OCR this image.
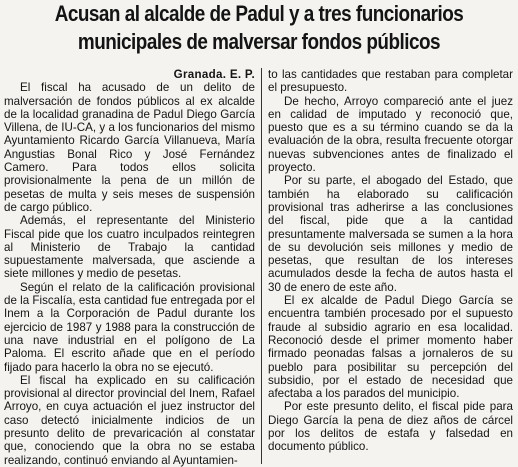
Acusan al alcalde de Padul y a tres funcionarios
municipales de malversar fondos públicos

Granada. E. P.

El fiscal ha acusado de un delito de malversación de fondos públicos al ex alcalde de la localidad granadina de Padul Diego García Villena, de IU-CA, y a los funcionarios del mismo Ayuntamiento Ricardo García Villanueva, María Angustias Bonal Rico y José Fernández Camero. Para todos ellos solicita provisionalmente la pena de un millón de pesetas de multa y seis meses de suspensión de cargo público.

Además, el representante del Ministerio Fiscal pide que los cuatro inculpados reintegren al Ministerio de Trabajo la cantidad supuestamente malversada, que asciende a siete millones y medio de pesetas.

Según el relato de la calificación provisional de la Fiscalía, esta cantidad fue entregada por el Inem a la Corporación de Padul durante los ejercicio de 1987 y 1988 para la construcción de una nave industrial en el polígono de La Paloma. El escrito añade que en el período fijado para hacerlo la obra no se ejecutó.

El fiscal ha explicado en su calificación provisional al director provincial del Inem, Rafael Arroyo, en cuya actuación el juez instructor del caso detectó inicialmente indicios de un presunto delito de prevaricación al constatar que, conociendo que la obra no se estaba realizando, continuó enviando al Ayuntamien-

to las cantidades que restaban para completar el presupuesto.

De hecho, Arroyo compareció ante el juez en calidad de imputado y reconoció que, puesto que es a su término cuando se da la evaluación de la obra, resulta frecuente otorgar nuevas subvenciones antes de finalizado el proyecto.

Por su parte, el abogado del Estado, que también ha elaborado su calificación provisional tras adherirse a las conclusiones del fiscal, pide que a la cantidad presuntamente malversada se sumen a la hora de su devolución seis millones y medio de pesetas, que resultan de los intereses acumulados desde la fecha de autos hasta el 30 de enero de este año.

El ex alcalde de Padul Diego García se encuentra también procesado por el supuesto fraude al subsidio agrario en esa localidad. Reconoció desde el primer momento haber firmado peonadas falsas a jornaleros de su pueblo para posibilitar su percepción del subsidio, por el estado de necesidad que afectaba a los parados del municipio.

Por este presunto delito, el fiscal pide para Diego García la pena de diez años de cárcel por los delitos de estafa y falsedad en documento público.
